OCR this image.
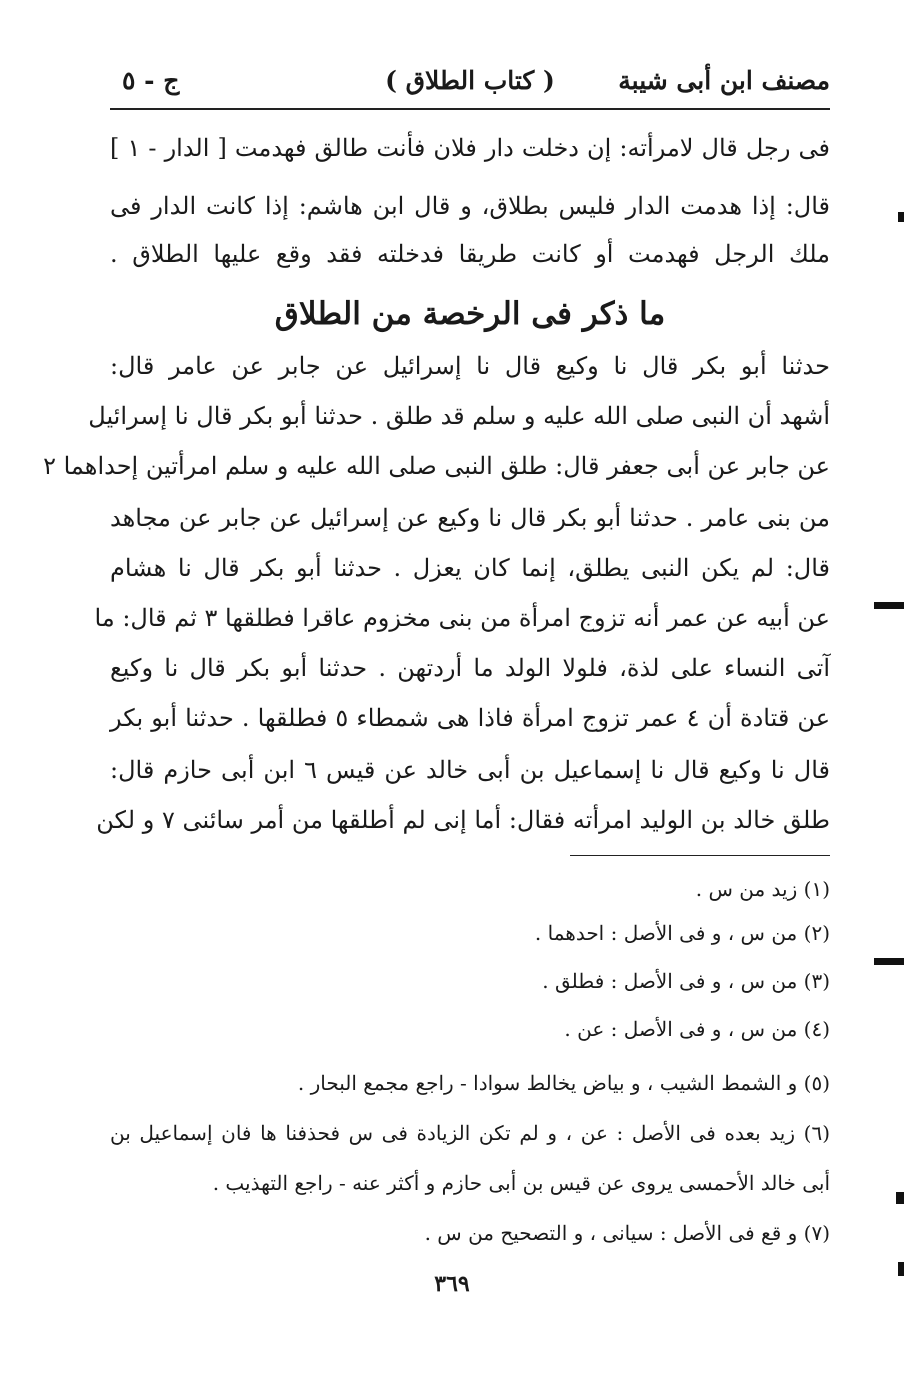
مصنف ابن أبى شيبة
( كتاب الطلاق )
ج - ٥
فى رجل قال لامرأته: إن دخلت دار فلان فأنت طالق فهدمت [ الدار - ١ ]
قال: إذا هدمت الدار فليس بطلاق، و قال ابن هاشم: إذا كانت الدار فى
ملك الرجل فهدمت أو كانت طريقا فدخلته فقد وقع عليها الطلاق .
ما ذكر فى الرخصة من الطلاق
حدثنا أبو بكر قال نا وكيع قال نا إسرائيل عن جابر عن عامر قال:
أشهد أن النبى صلى الله عليه و سلم قد طلق . حدثنا أبو بكر قال نا إسرائيل
عن جابر عن أبى جعفر قال: طلق النبى صلى الله عليه و سلم امرأتين إحداهما ٢
من بنى عامر . حدثنا أبو بكر قال نا وكيع عن إسرائيل عن جابر عن مجاهد
قال: لم يكن النبى يطلق، إنما كان يعزل . حدثنا أبو بكر قال نا هشام
عن أبيه عن عمر أنه تزوج امرأة من بنى مخزوم عاقرا فطلقها ٣ ثم قال: ما
آتى النساء على لذة، فلولا الولد ما أردتهن . حدثنا أبو بكر قال نا وكيع
عن قتادة أن ٤ عمر تزوج امرأة فاذا هى شمطاء ٥ فطلقها . حدثنا أبو بكر
قال نا وكيع قال نا إسماعيل بن أبى خالد عن قيس ٦ ابن أبى حازم قال:
طلق خالد بن الوليد امرأته فقال: أما إنى لم أطلقها من أمر سائنى ٧ و لكن
(١) زيد من س .
(٢) من س ، و فى الأصل : احدهما .
(٣) من س ، و فى الأصل : فطلق .
(٤) من س ، و فى الأصل : عن .
(٥) و الشمط الشيب ، و بياض يخالط سوادا - راجع مجمع البحار .
(٦) زيد بعده فى الأصل : عن ، و لم تكن الزيادة فى س فحذفنا ها فان إسماعيل بن
أبى خالد الأحمسى يروى عن قيس بن أبى حازم و أكثر عنه - راجع التهذيب .
(٧) و قع فى الأصل : سيانى ، و التصحيح من س .
٣٦٩
